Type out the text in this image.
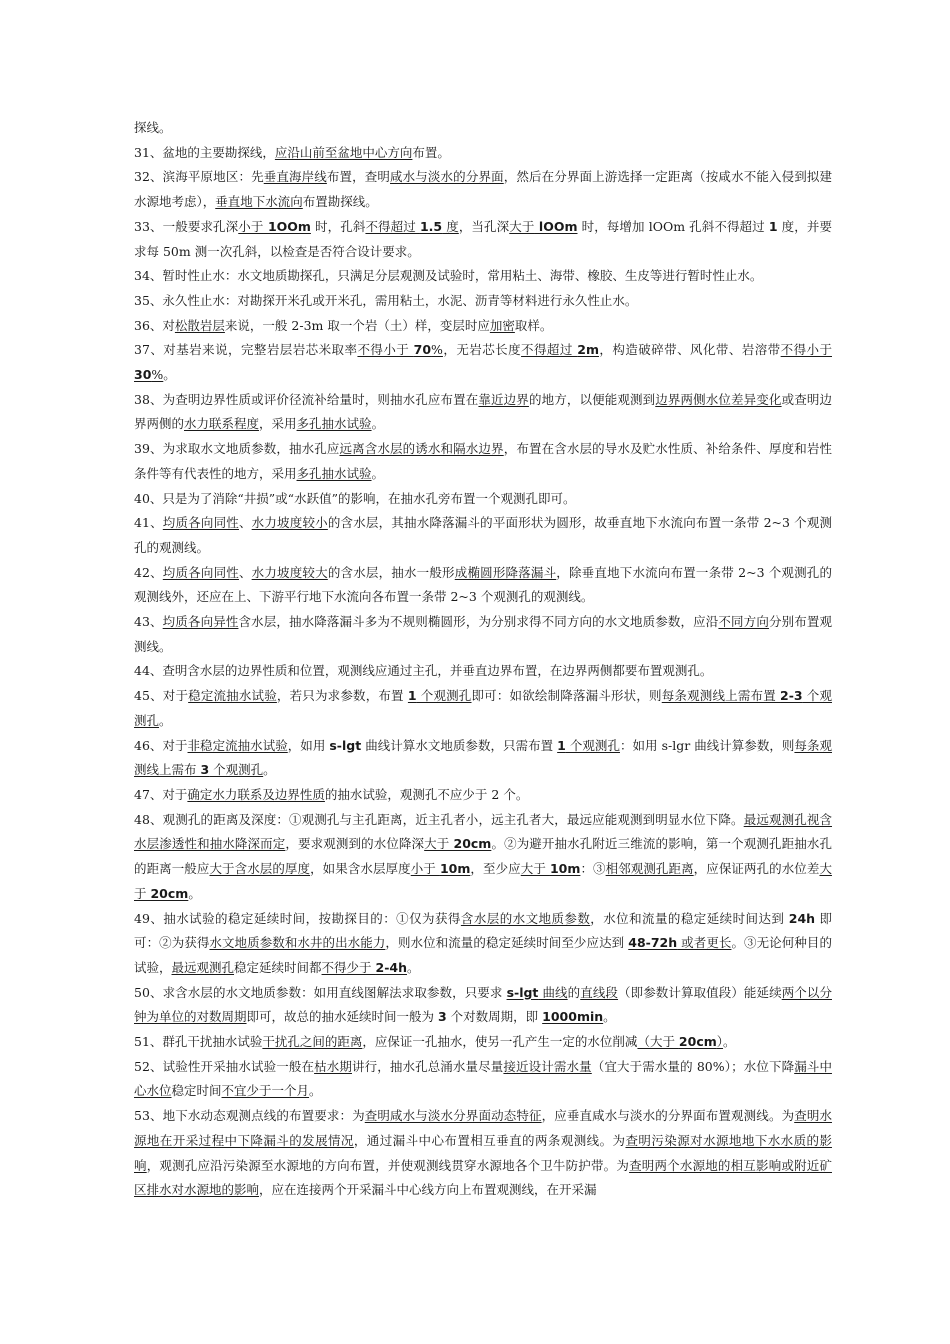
探线。

31、盆地的主要勘探线，应沿山前至盆地中心方向布置。

32、滨海平原地区：先垂直海岸线布置，查明咸水与淡水的分界面，然后在分界面上游选择一定距离（按咸水不能入侵到拟建水源地考虑），垂直地下水流向布置勘探线。

33、一般要求孔深小于 1OOm 时，孔斜不得超过 1.5 度，当孔深大于 lOOm 时，每增加 lOOm 孔斜不得超过 1 度，并要求每 50m 测一次孔斜，以检查是否符合设计要求。

34、暂时性止水：水文地质勘探孔，只满足分层观测及试验时，常用粘土、海带、橡胶、生皮等进行暂时性止水。

35、永久性止水：对勘探开米孔或开米孔，需用粘土，水泥、沥青等材料进行永久性止水。

36、对松散岩层来说，一般 2-3m 取一个岩（土）样，变层时应加密取样。

37、对基岩来说，完整岩层岩芯米取率不得小于 70%，无岩芯长度不得超过 2m，构造破碎带、风化带、岩溶带不得小于 30%。

38、为查明边界性质或评价径流补给量时，则抽水孔应布置在靠近边界的地方，以便能观测到边界两侧水位差异变化或查明边界两侧的水力联系程度，采用多孔抽水试验。

39、为求取水文地质参数，抽水孔应远离含水层的诱水和隔水边界，布置在含水层的导水及贮水性质、补给条件、厚度和岩性条件等有代表性的地方，采用多孔抽水试验。

40、只是为了消除“井损”或“水跃值”的影响，在抽水孔旁布置一个观测孔即可。

41、均质各向同性、水力坡度较小的含水层，其抽水降落漏斗的平面形状为圆形，故垂直地下水流向布置一条带 2~3 个观测孔的观测线。

42、均质各向同性、水力坡度较大的含水层，抽水一般形成椭圆形降落漏斗，除垂直地下水流向布置一条带 2~3 个观测孔的观测线外，还应在上、下游平行地下水流向各布置一条带 2~3 个观测孔的观测线。

43、均质各向异性含水层，抽水降落漏斗多为不规则椭圆形，为分别求得不同方向的水文地质参数，应沿不同方向分别布置观测线。

44、查明含水层的边界性质和位置，观测线应通过主孔，并垂直边界布置，在边界两侧都要布置观测孔。

45、对于稳定流抽水试验，若只为求参数，布置 1 个观测孔即可：如欲绘制降落漏斗形状，则每条观测线上需布置 2-3 个观测孔。

46、对于非稳定流抽水试验，如用 s-lgt 曲线计算水文地质参数，只需布置 1 个观测孔：如用 s-lgr 曲线计算参数，则每条观测线上需布 3 个观测孔。

47、对于确定水力联系及边界性质的抽水试验，观测孔不应少于 2 个。

48、观测孔的距离及深度：①观测孔与主孔距离，近主孔者小，远主孔者大，最远应能观测到明显水位下降。最远观测孔视含水层渗透性和抽水降深而定，要求观测到的水位降深大于 20cm。②为避开抽水孔附近三维流的影响，第一个观测孔距抽水孔的距离一般应大于含水层的厚度，如果含水层厚度小于 10m，至少应大于 10m：③相邻观测孔距离，应保证两孔的水位差大于 20cm。

49、抽水试验的稳定延续时间，按勘探目的：①仅为获得含水层的水文地质参数，水位和流量的稳定延续时间达到 24h 即可：②为获得水文地质参数和水井的出水能力，则水位和流量的稳定延续时间至少应达到 48-72h 或者更长。③无论何种目的试验，最远观测孔稳定延续时间都不得少于 2-4h。

50、求含水层的水文地质参数：如用直线图解法求取参数，只要求 s-lgt 曲线的直线段（即参数计算取值段）能延续两个以分钟为单位的对数周期即可，故总的抽水延续时间一般为 3 个对数周期，即 1000min。

51、群孔干扰抽水试验干扰孔之间的距离，应保证一孔抽水，使另一孔产生一定的水位削减（大于 20cm）。

52、试验性开采抽水试验一般在枯水期讲行，抽水孔总涌水量尽量接近设计需水量（宜大于需水量的 80%）；水位下降漏斗中心水位稳定时间不宜少于一个月。

53、地下水动态观测点线的布置要求：为查明咸水与淡水分界面动态特征，应垂直咸水与淡水的分界面布置观测线。为查明水源地在开采过程中下降漏斗的发展情况，通过漏斗中心布置相互垂直的两条观测线。为查明污染源对水源地地下水水质的影响，观测孔应沿污染源至水源地的方向布置，并使观测线贯穿水源地各个卫牛防护带。为查明两个水源地的相互影响或附近矿区排水对水源地的影响，应在连接两个开采漏斗中心线方向上布置观测线，在开采漏
